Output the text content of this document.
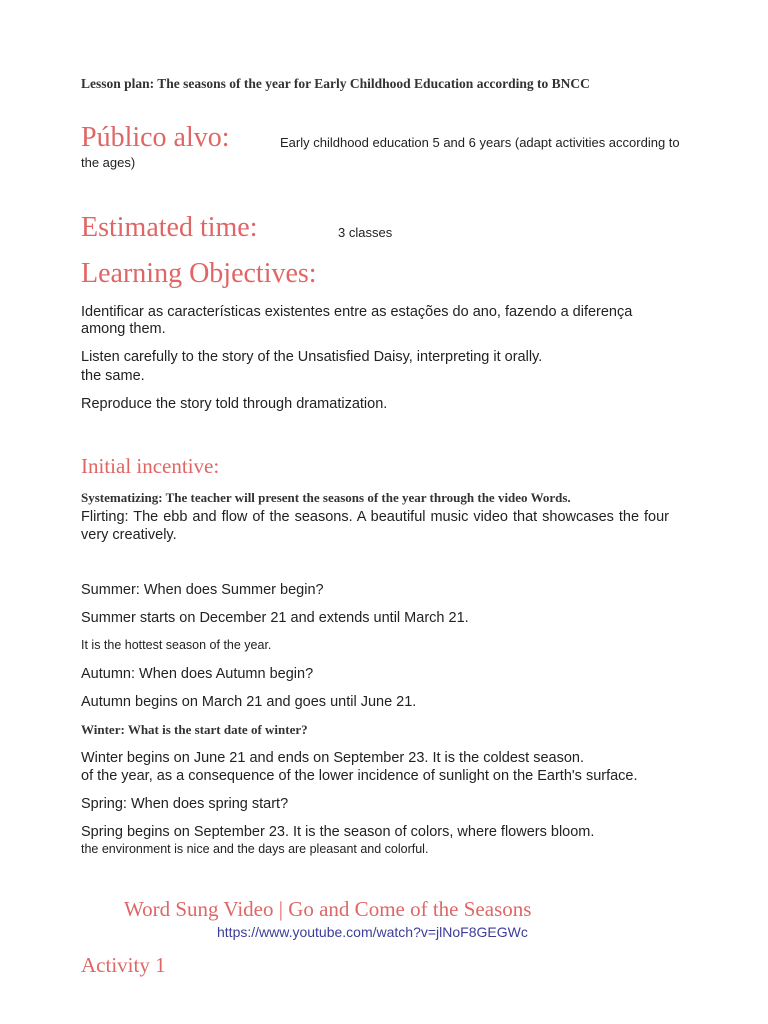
Lesson plan: The seasons of the year for Early Childhood Education according to BNCC
Público alvo:	Early childhood education 5 and 6 years (adapt activities according to
the ages)
Estimated time:	3 classes
Learning Objectives:
Identificar as características existentes entre as estações do ano, fazendo a diferença
among them.
Listen carefully to the story of the Unsatisfied Daisy, interpreting it orally.
the same.
Reproduce the story told through dramatization.
Initial incentive:
Systematizing: The teacher will present the seasons of the year through the video Words.
Flirting: The ebb and flow of the seasons. A beautiful music video that showcases the four
very creatively.
Summer: When does Summer begin?
Summer starts on December 21 and extends until March 21.
It is the hottest season of the year.
Autumn: When does Autumn begin?
Autumn begins on March 21 and goes until June 21.
Winter: What is the start date of winter?
Winter begins on June 21 and ends on September 23. It is the coldest season.
of the year, as a consequence of the lower incidence of sunlight on the Earth's surface.
Spring: When does spring start?
Spring begins on September 23. It is the season of colors, where flowers bloom.
the environment is nice and the days are pleasant and colorful.
Word Sung Video | Go and Come of the Seasons
https://www.youtube.com/watch?v=jlNoF8GEGWc
Activity 1
